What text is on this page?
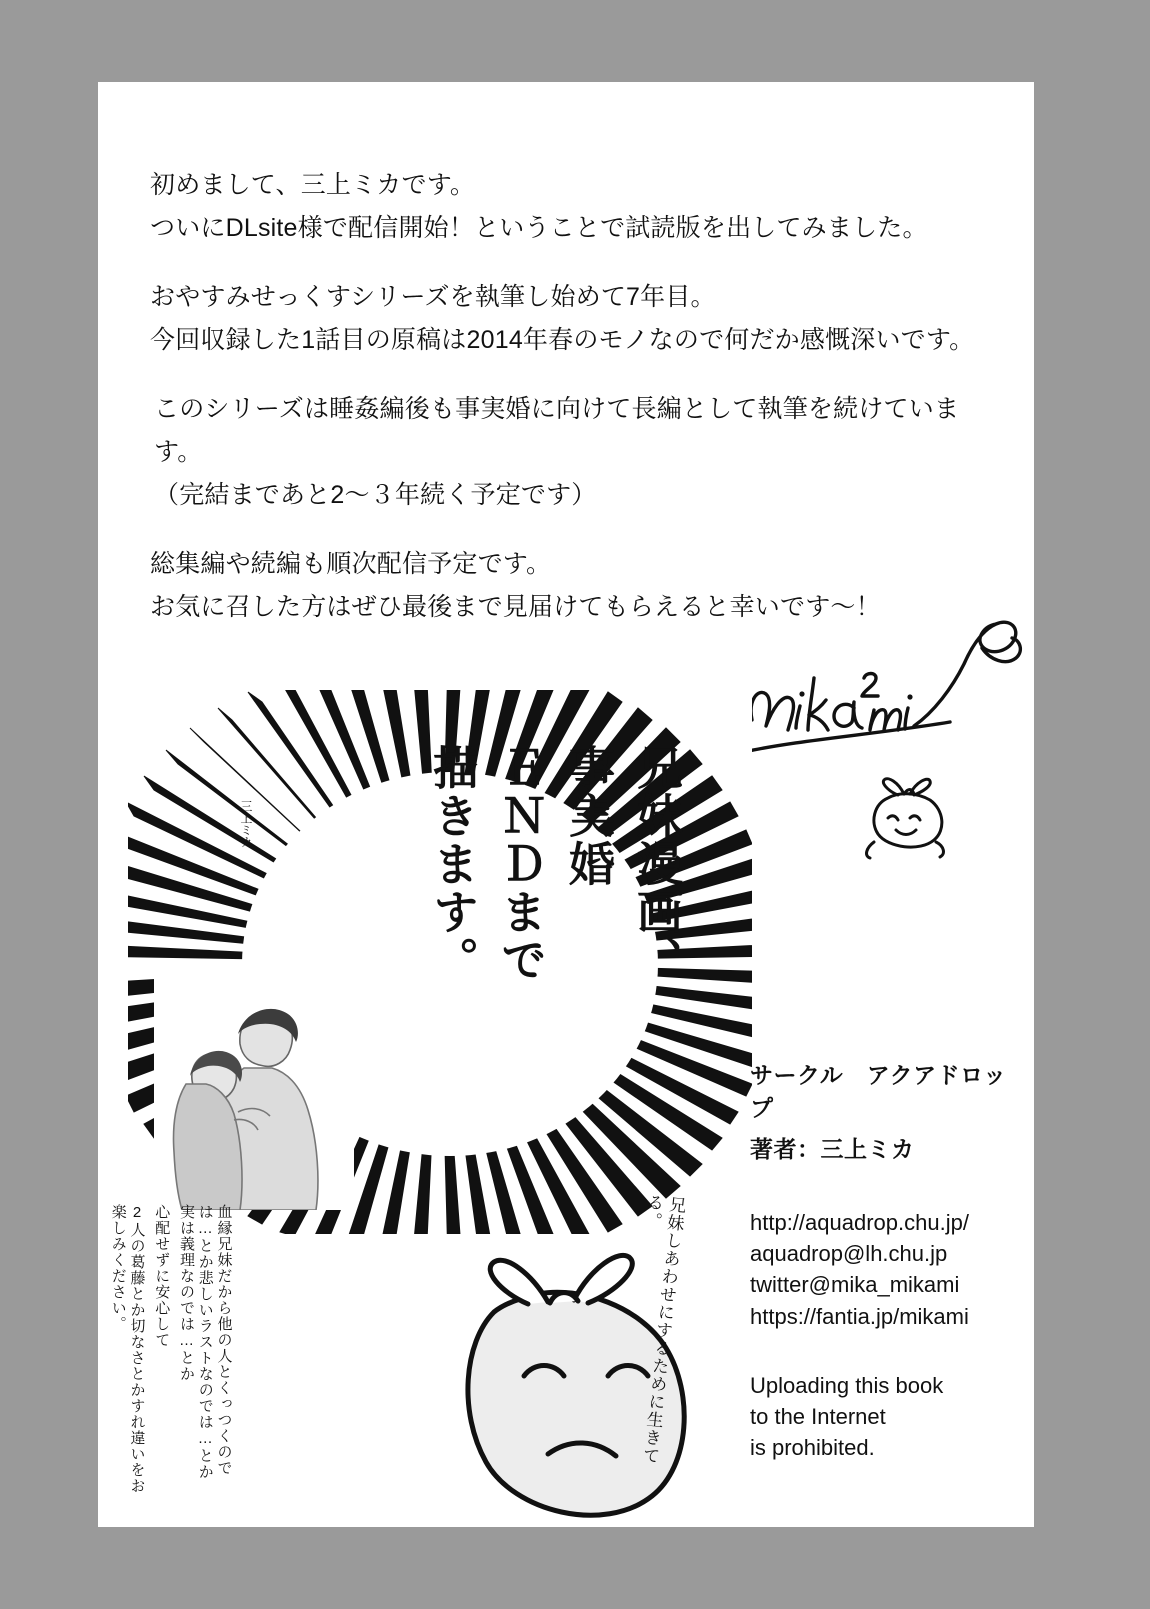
初めまして、三上ミカです。
ついにDLsite様で配信開始！ということで試読版を出してみました。

おやすみせっくすシリーズを執筆し始めて7年目。
今回収録した1話目の原稿は2014年春のモノなので何だか感慨深いです。

このシリーズは睡姦編後も事実婚に向けて長編として執筆を続けています。
（完結まであと2〜３年続く予定です）

総集編や続編も順次配信予定です。
お気に召した方はぜひ最後まで見届けてもらえると幸いです〜！

兄妹漫画、
事実婚
ＥＮＤまで
描きます。
三上ミカ
血縁兄妹だから他の人とくっつくのでは…とか悲しいラストなのでは…とか実は義理なのでは…とか
心配せずに安心して
2人の葛藤とか切なさとかすれ違いをお楽しみください。	兄妹しあわせにするために生きてる。
サークル　アクアドロップ
著者：三上ミカ
http://aquadrop.chu.jp/
aquadrop@lh.chu.jp
twitter@mika_mikami
https://fantia.jp/mikami
Uploading this book
to the Internet
is prohibited.
